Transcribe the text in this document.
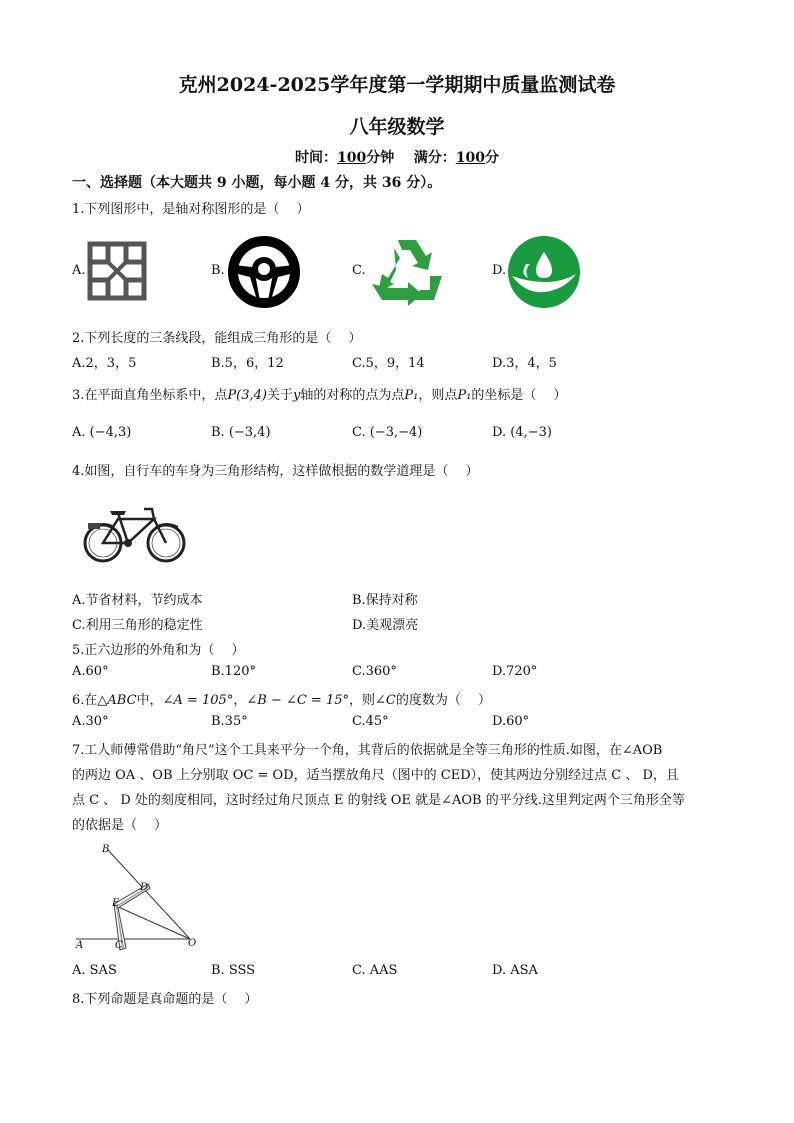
克州2024-2025学年度第一学期期中质量监测试卷
八年级数学
时间：100分钟 满分：100分
一、选择题（本大题共 9 小题，每小题 4 分，共 36 分）。
1.下列图形中，是轴对称图形的是（　 ）
A.	B.	C.	D.
2.下列长度的三条线段，能组成三角形的是（　 ）
A.2，3，5	B.5，6，12	C.5，9，14	D.3，4，5
3.在平面直角坐标系中，点P(3,4)关于y轴的对称的点为点P₁，则点P₁的坐标是（　 ）
A. (−4,3)	B. (−3,4)	C. (−3,−4)	D. (4,−3)
4.如图，自行车的车身为三角形结构，这样做根据的数学道理是（　 ）
A.节省材料，节约成本	B.保持对称
C.利用三角形的稳定性	D.美观漂亮
5.正六边形的外角和为（　 ）
A.60°	B.120°	C.360°	D.720°
6.在△ABC中，∠A = 105°，∠B − ∠C = 15°，则∠C的度数为（　 ）
A.30°	B.35°	C.45°	D.60°
7.工人师傅常借助“角尺”这个工具来平分一个角，其背后的依据就是全等三角形的性质.如图，在∠AOB
的两边 OA 、OB 上分别取 OC = OD，适当摆放角尺（图中的 CED），使其两边分别经过点 C 、 D，且
点 C 、 D 处的刻度相同，这时经过角尺顶点 E 的射线 OE 就是∠AOB 的平分线.这里判定两个三角形全等
的依据是（　 ）
B
D
E
A	C	O
A. SAS	B. SSS	C. AAS	D. ASA
8.下列命题是真命题的是（　 ）
